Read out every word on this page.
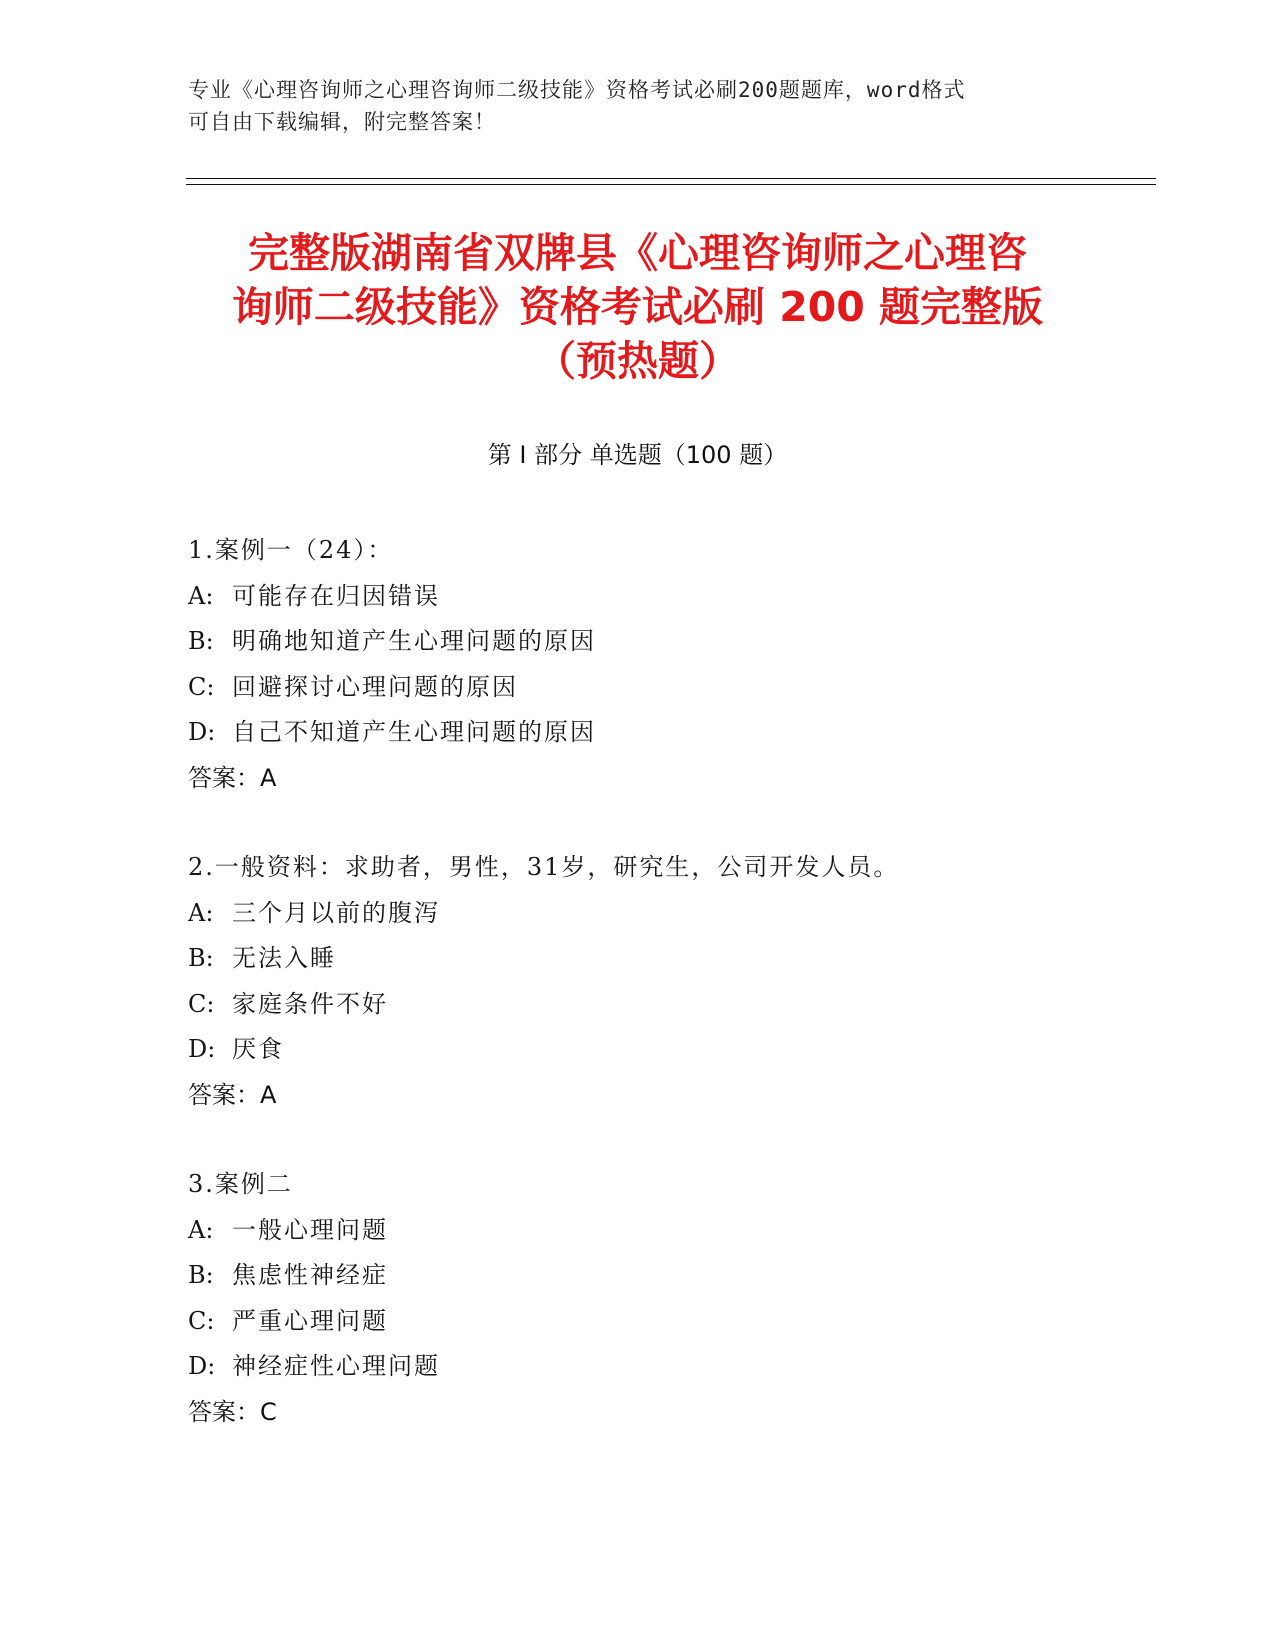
专业《心理咨询师之心理咨询师二级技能》资格考试必刷200题题库，word格式
可自由下载编辑，附完整答案！
完整版湖南省双牌县《心理咨询师之心理咨
询师二级技能》资格考试必刷 200 题完整版
（预热题）
第 I 部分 单选题（100 题）
1.案例一（24）：
A: 可能存在归因错误
B: 明确地知道产生心理问题的原因
C: 回避探讨心理问题的原因
D: 自己不知道产生心理问题的原因
答案：A
2.一般资料：求助者，男性，31岁，研究生，公司开发人员。
A: 三个月以前的腹泻
B: 无法入睡
C: 家庭条件不好
D: 厌食
答案：A
3.案例二
A: 一般心理问题
B: 焦虑性神经症
C: 严重心理问题
D: 神经症性心理问题
答案：C
